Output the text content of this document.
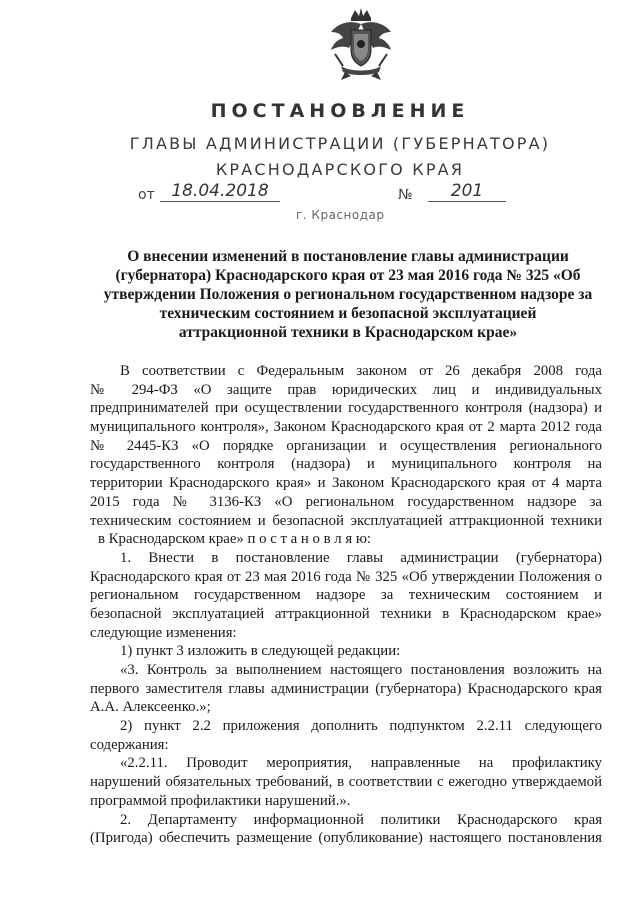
ПОСТАНОВЛЕНИЕ
ГЛАВЫ АДМИНИСТРАЦИИ (ГУБЕРНАТОРА)
КРАСНОДАРСКОГО КРАЯ
от 18.04.2018	№	201
г. Краснодар
О внесении изменений в постановление главы администрации
(губернатора) Краснодарского края от 23 мая 2016 года № 325 «Об
утверждении Положения о региональном государственном надзоре за
техническим состоянием и безопасной эксплуатацией
аттракционной техники в Краснодарском крае»
В соответствии с Федеральным законом от 26 декабря 2008 года
№ 294-ФЗ «О защите прав юридических лиц и индивидуальных
предпринимателей при осуществлении государственного контроля (надзора) и
муниципального контроля», Законом Краснодарского края от 2 марта 2012 года
№ 2445-КЗ «О порядке организации и осуществления регионального
государственного контроля (надзора) и муниципального контроля на
территории Краснодарского края» и Законом Краснодарского края от 4 марта
2015 года № 3136-КЗ «О региональном государственном надзоре за
техническим состоянием и безопасной эксплуатацией аттракционной техники
в Краснодарском крае» п о с т а н о в л я ю:
1. Внести в постановление главы администрации (губернатора)
Краснодарского края от 23 мая 2016 года № 325 «Об утверждении Положения о
региональном государственном надзоре за техническим состоянием и
безопасной эксплуатацией аттракционной техники в Краснодарском крае»
следующие изменения:
1) пункт 3 изложить в следующей редакции:
«3. Контроль за выполнением настоящего постановления возложить на
первого заместителя главы администрации (губернатора) Краснодарского края
А.А. Алексеенко.»;
2) пункт 2.2 приложения дополнить подпунктом 2.2.11 следующего
содержания:
«2.2.11. Проводит мероприятия, направленные на профилактику
нарушений обязательных требований, в соответствии с ежегодно утверждаемой
программой профилактики нарушений.».
2. Департаменту информационной политики Краснодарского края
(Пригода) обеспечить размещение (опубликование) настоящего постановления
